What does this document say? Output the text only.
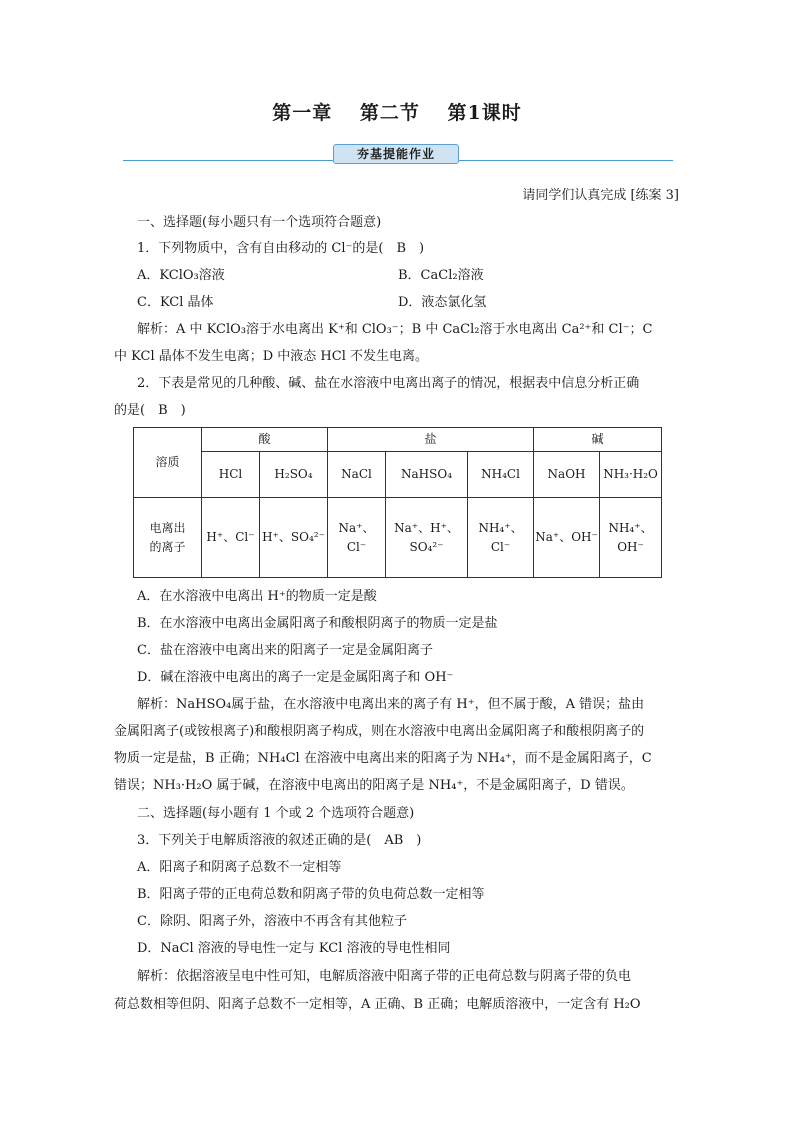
第一章 第二节 第1课时
夯基提能作业
请同学们认真完成 [练案 3]
一、选择题(每小题只有一个选项符合题意)
1．下列物质中，含有自由移动的 Cl⁻的是(　B　)
A．KClO₃溶液	B．CaCl₂溶液
C．KCl 晶体	D．液态氯化氢
解析：A 中 KClO₃溶于水电离出 K⁺和 ClO₃⁻；B 中 CaCl₂溶于水电离出 Ca²⁺和 Cl⁻；C
中 KCl 晶体不发生电离；D 中液态 HCl 不发生电离。
2．下表是常见的几种酸、碱、盐在水溶液中电离出离子的情况，根据表中信息分析正确
的是(　B　)
溶质	酸		盐			碱	
	HCl	H₂SO₄	NaCl	NaHSO₄	NH₄Cl	NaOH	NH₃·H₂O
电离出的离子	H⁺、Cl⁻	H⁺、SO₄²⁻	Na⁺、Cl⁻	Na⁺、H⁺、SO₄²⁻	NH₄⁺、Cl⁻	Na⁺、OH⁻	NH₄⁺、OH⁻
A．在水溶液中电离出 H⁺的物质一定是酸
B．在水溶液中电离出金属阳离子和酸根阴离子的物质一定是盐
C．盐在溶液中电离出来的阳离子一定是金属阳离子
D．碱在溶液中电离出的离子一定是金属阳离子和 OH⁻
解析：NaHSO₄属于盐，在水溶液中电离出来的离子有 H⁺，但不属于酸，A 错误；盐由
金属阳离子(或铵根离子)和酸根阴离子构成，则在水溶液中电离出金属阳离子和酸根阴离子的
物质一定是盐，B 正确；NH₄Cl 在溶液中电离出来的阳离子为 NH₄⁺，而不是金属阳离子，C
错误；NH₃·H₂O 属于碱，在溶液中电离出的阳离子是 NH₄⁺，不是金属阳离子，D 错误。
二、选择题(每小题有 1 个或 2 个选项符合题意)
3．下列关于电解质溶液的叙述正确的是(　AB　)
A．阳离子和阴离子总数不一定相等
B．阳离子带的正电荷总数和阴离子带的负电荷总数一定相等
C．除阴、阳离子外，溶液中不再含有其他粒子
D．NaCl 溶液的导电性一定与 KCl 溶液的导电性相同
解析：依据溶液呈电中性可知，电解质溶液中阳离子带的正电荷总数与阴离子带的负电
荷总数相等但阴、阳离子总数不一定相等，A 正确、B 正确；电解质溶液中，一定含有 H₂O
